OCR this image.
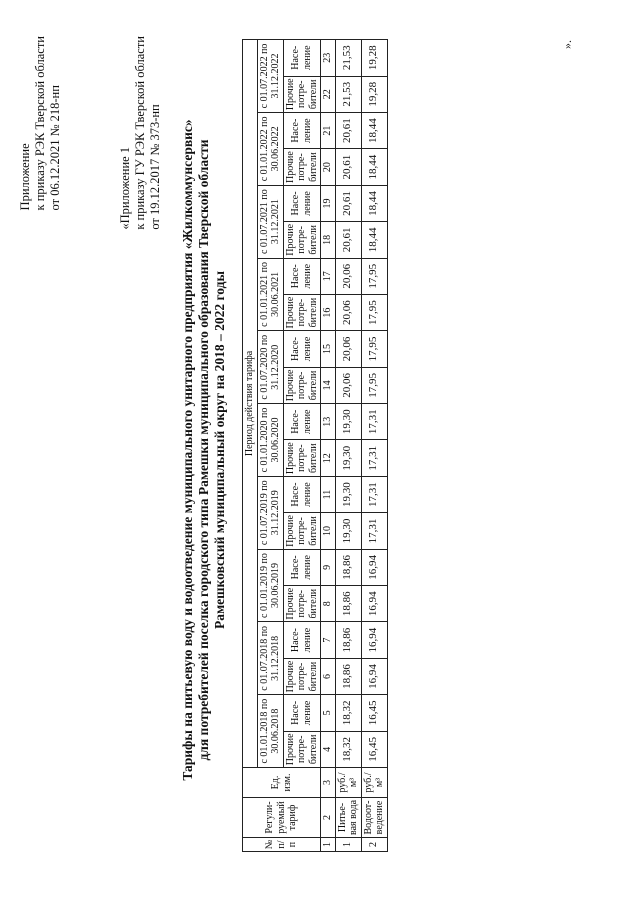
Приложение к приказу РЭК Тверской области от 06.12.2021 № 218-нп	«Приложение 1 к приказу ГУ РЭК Тверской области от 19.12.2017 № 373-нп Тарифы на питьевую воду и водоотведение муниципального унитарного предприятия «Жилкоммунсервис» для потребителей поселка городского типа Рамешки муниципального образования Тверской области Рамешковский муниципальный округ на 2018 – 2022 годы
№ п/п	Регули-руемый тариф	Ед. изм.	Период действия тарифа																			
			с 01.01.2018 по 30.06.2018		с 01.07.2018 по 31.12.2018		с 01.01.2019 по 30.06.2019		с 01.07.2019 по 31.12.2019		с 01.01.2020 по 30.06.2020		с 01.07.2020 по 31.12.2020		с 01.01.2021 по 30.06.2021		с 01.07.2021 по 31.12.2021		с 01.01.2022 по 30.06.2022		с 01.07.2022 по 31.12.2022	
			Прочие потре-бители	Насе-ление	Прочие потре-бители	Насе-ление	Прочие потре-бители	Насе-ление	Прочие потре-бители	Насе-ление	Прочие потре-бители	Насе-ление	Прочие потре-бители	Насе-ление	Прочие потре-бители	Насе-ление	Прочие потре-бители	Насе-ление	Прочие потре-бители	Насе-ление	Прочие потре-бители	Насе-ление
1	2	3	4	5	6	7	8	9	10	11	12	13	14	15	16	17	18	19	20	21	22	23
1	Питье-вая вода	руб./м³	18,32	18,32	18,86	18,86	18,86	18,86	19,30	19,30	19,30	19,30	20,06	20,06	20,06	20,06	20,61	20,61	20,61	20,61	21,53	21,53
2	Водоот-ведение	руб./м³	16,45	16,45	16,94	16,94	16,94	16,94	17,31	17,31	17,31	17,31	17,95	17,95	17,95	17,95	18,44	18,44	18,44	18,44	19,28	19,28
».
